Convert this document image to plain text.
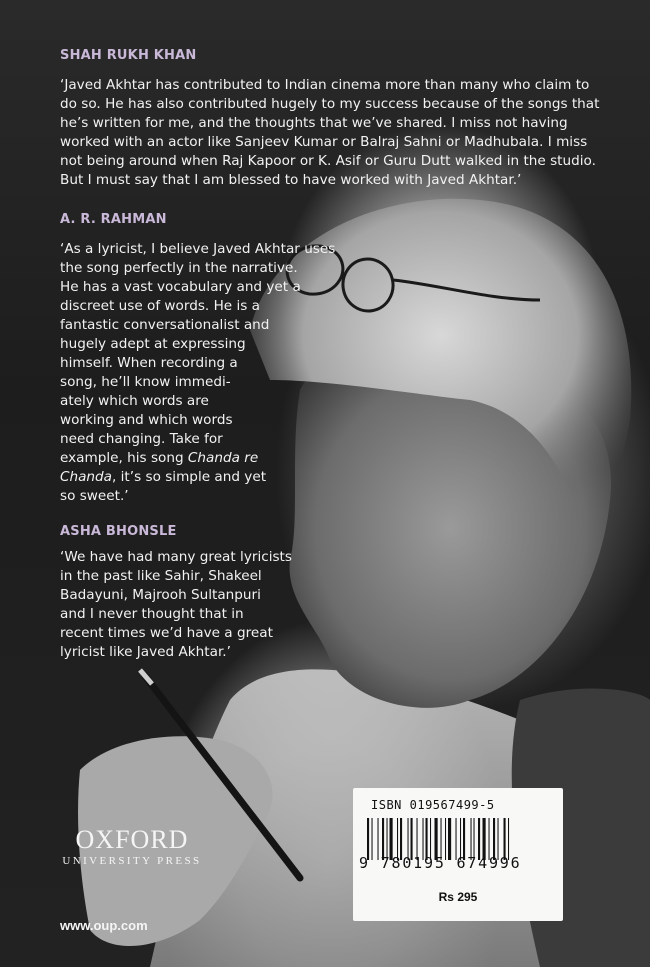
SHAH RUKH KHAN
‘Javed Akhtar has contributed to Indian cinema more than many who claim to
do so. He has also contributed hugely to my success because of the songs that
he’s written for me, and the thoughts that we’ve shared. I miss not having
worked with an actor like Sanjeev Kumar or Balraj Sahni or Madhubala. I miss
not being around when Raj Kapoor or K. Asif or Guru Dutt walked in the studio.
But I must say that I am blessed to have worked with Javed Akhtar.’
A. R. RAHMAN
‘As a lyricist, I believe Javed Akhtar uses
the song perfectly in the narrative.
He has a vast vocabulary and yet a
discreet use of words. He is a
fantastic conversationalist and
hugely adept at expressing
himself. When recording a
song, he’ll know immedi-
ately which words are
working and which words
need changing. Take for
example, his song Chanda re
Chanda, it’s so simple and yet
so sweet.’
ASHA BHONSLE
‘We have had many great lyricists
in the past like Sahir, Shakeel
Badayuni, Majrooh Sultanpuri
and I never thought that in
recent times we’d have a great
lyricist like Javed Akhtar.’
OXFORD
UNIVERSITY PRESS
www.oup.com
ISBN 019567499-5
9 780195 674996
Rs 295
